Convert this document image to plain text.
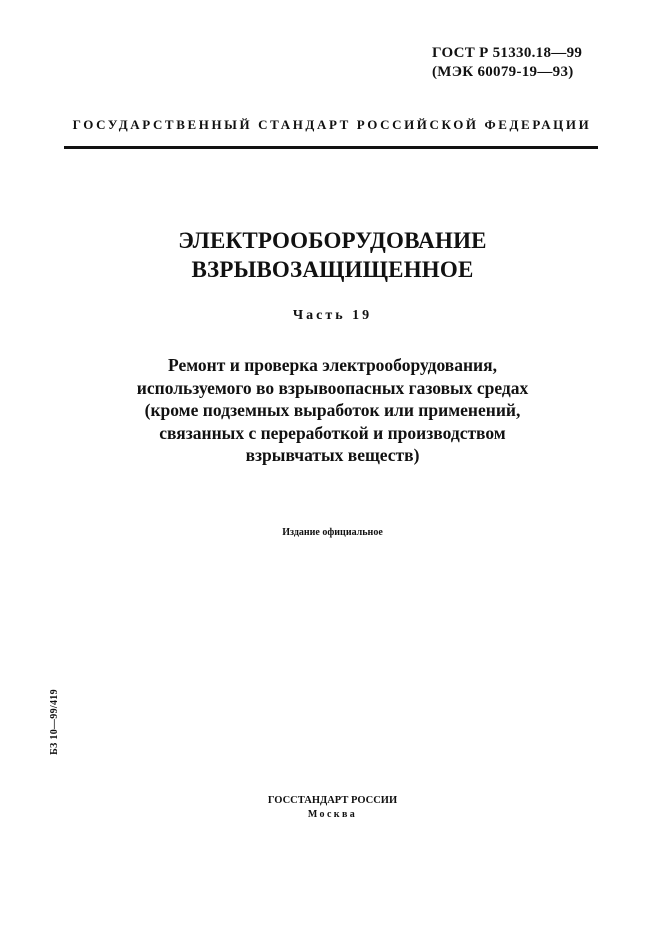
ГОСТ Р 51330.18—99
(МЭК 60079-19—93)
ГОСУДАРСТВЕННЫЙ СТАНДАРТ РОССИЙСКОЙ ФЕДЕРАЦИИ
ЭЛЕКТРООБОРУДОВАНИЕ
ВЗРЫВОЗАЩИЩЕННОЕ
Часть 19
Ремонт и проверка электрооборудования,
используемого во взрывоопасных газовых средах
(кроме подземных выработок или применений,
связанных с переработкой и производством
взрывчатых веществ)
Издание официальное
БЗ 10—99/419
ГОССТАНДАРТ РОССИИ
Москва
